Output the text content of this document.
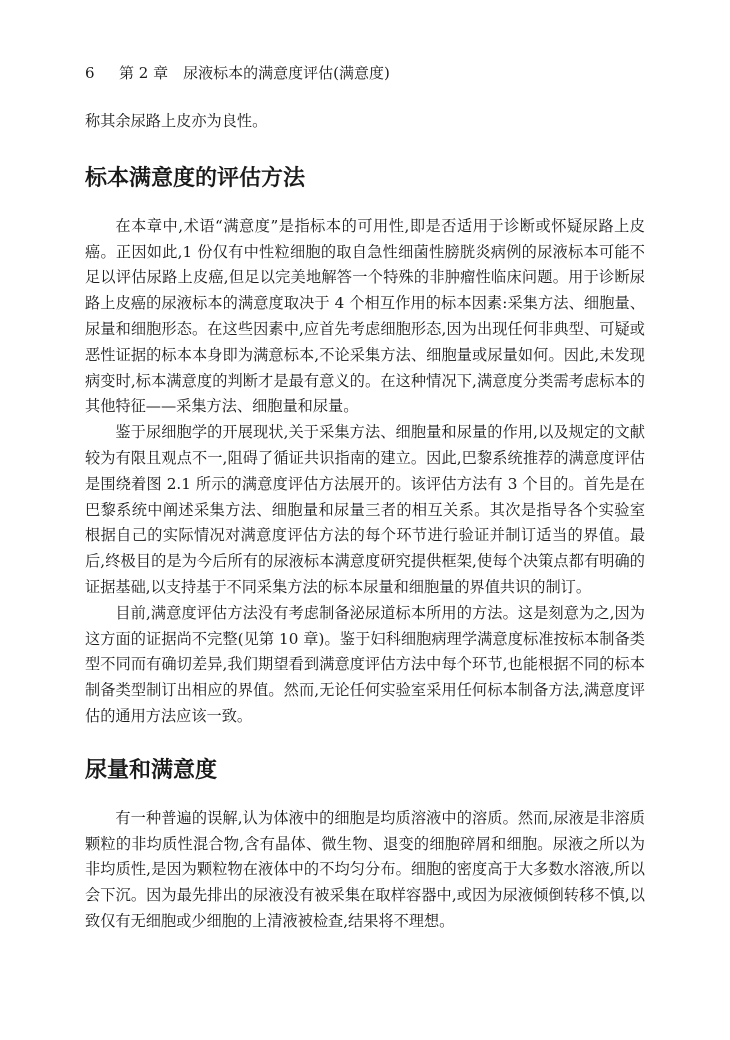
6	第 2 章 尿液标本的满意度评估(满意度)

称其余尿路上皮亦为良性。

标本满意度的评估方法

在本章中,术语“满意度”是指标本的可用性,即是否适用于诊断或怀疑尿路上皮癌。正因如此,1 份仅有中性粒细胞的取自急性细菌性膀胱炎病例的尿液标本可能不足以评估尿路上皮癌,但足以完美地解答一个特殊的非肿瘤性临床问题。用于诊断尿路上皮癌的尿液标本的满意度取决于 4 个相互作用的标本因素:采集方法、细胞量、尿量和细胞形态。在这些因素中,应首先考虑细胞形态,因为出现任何非典型、可疑或恶性证据的标本本身即为满意标本,不论采集方法、细胞量或尿量如何。因此,未发现病变时,标本满意度的判断才是最有意义的。在这种情况下,满意度分类需考虑标本的其他特征——采集方法、细胞量和尿量。

鉴于尿细胞学的开展现状,关于采集方法、细胞量和尿量的作用,以及规定的文献较为有限且观点不一,阻碍了循证共识指南的建立。因此,巴黎系统推荐的满意度评估是围绕着图 2.1 所示的满意度评估方法展开的。该评估方法有 3 个目的。首先是在巴黎系统中阐述采集方法、细胞量和尿量三者的相互关系。其次是指导各个实验室根据自己的实际情况对满意度评估方法的每个环节进行验证并制订适当的界值。最后,终极目的是为今后所有的尿液标本满意度研究提供框架,使每个决策点都有明确的证据基础,以支持基于不同采集方法的标本尿量和细胞量的界值共识的制订。

目前,满意度评估方法没有考虑制备泌尿道标本所用的方法。这是刻意为之,因为这方面的证据尚不完整(见第 10 章)。鉴于妇科细胞病理学满意度标准按标本制备类型不同而有确切差异,我们期望看到满意度评估方法中每个环节,也能根据不同的标本制备类型制订出相应的界值。然而,无论任何实验室采用任何标本制备方法,满意度评估的通用方法应该一致。

尿量和满意度

有一种普遍的误解,认为体液中的细胞是均质溶液中的溶质。然而,尿液是非溶质颗粒的非均质性混合物,含有晶体、微生物、退变的细胞碎屑和细胞。尿液之所以为非均质性,是因为颗粒物在液体中的不均匀分布。细胞的密度高于大多数水溶液,所以会下沉。因为最先排出的尿液没有被采集在取样容器中,或因为尿液倾倒转移不慎,以致仅有无细胞或少细胞的上清液被检查,结果将不理想。
